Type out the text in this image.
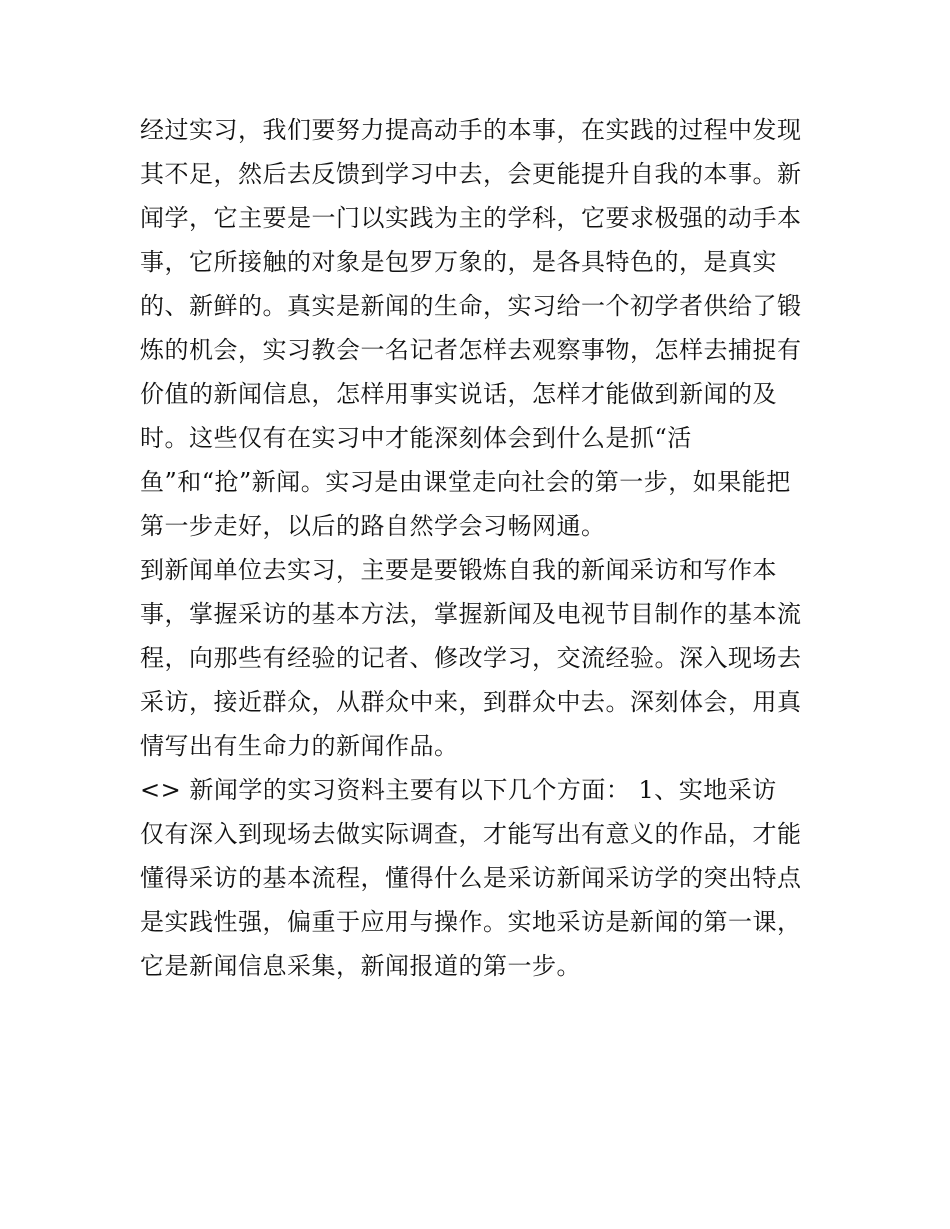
经过实习，我们要努力提高动手的本事，在实践的过程中发现
其不足，然后去反馈到学习中去，会更能提升自我的本事。新
闻学，它主要是一门以实践为主的学科，它要求极强的动手本
事，它所接触的对象是包罗万象的，是各具特色的，是真实
的、新鲜的。真实是新闻的生命，实习给一个初学者供给了锻
炼的机会，实习教会一名记者怎样去观察事物，怎样去捕捉有
价值的新闻信息，怎样用事实说话，怎样才能做到新闻的及
时。这些仅有在实习中才能深刻体会到什么是抓“活
鱼”和“抢”新闻。实习是由课堂走向社会的第一步，如果能把
第一步走好，以后的路自然学会习畅网通。
到新闻单位去实习，主要是要锻炼自我的新闻采访和写作本
事，掌握采访的基本方法，掌握新闻及电视节目制作的基本流
程，向那些有经验的记者、修改学习，交流经验。深入现场去
采访，接近群众，从群众中来，到群众中去。深刻体会，用真
情写出有生命力的新闻作品。
<> 新闻学的实习资料主要有以下几个方面： 1、实地采访
仅有深入到现场去做实际调查，才能写出有意义的作品，才能
懂得采访的基本流程，懂得什么是采访新闻采访学的突出特点
是实践性强，偏重于应用与操作。实地采访是新闻的第一课，
它是新闻信息采集，新闻报道的第一步。
